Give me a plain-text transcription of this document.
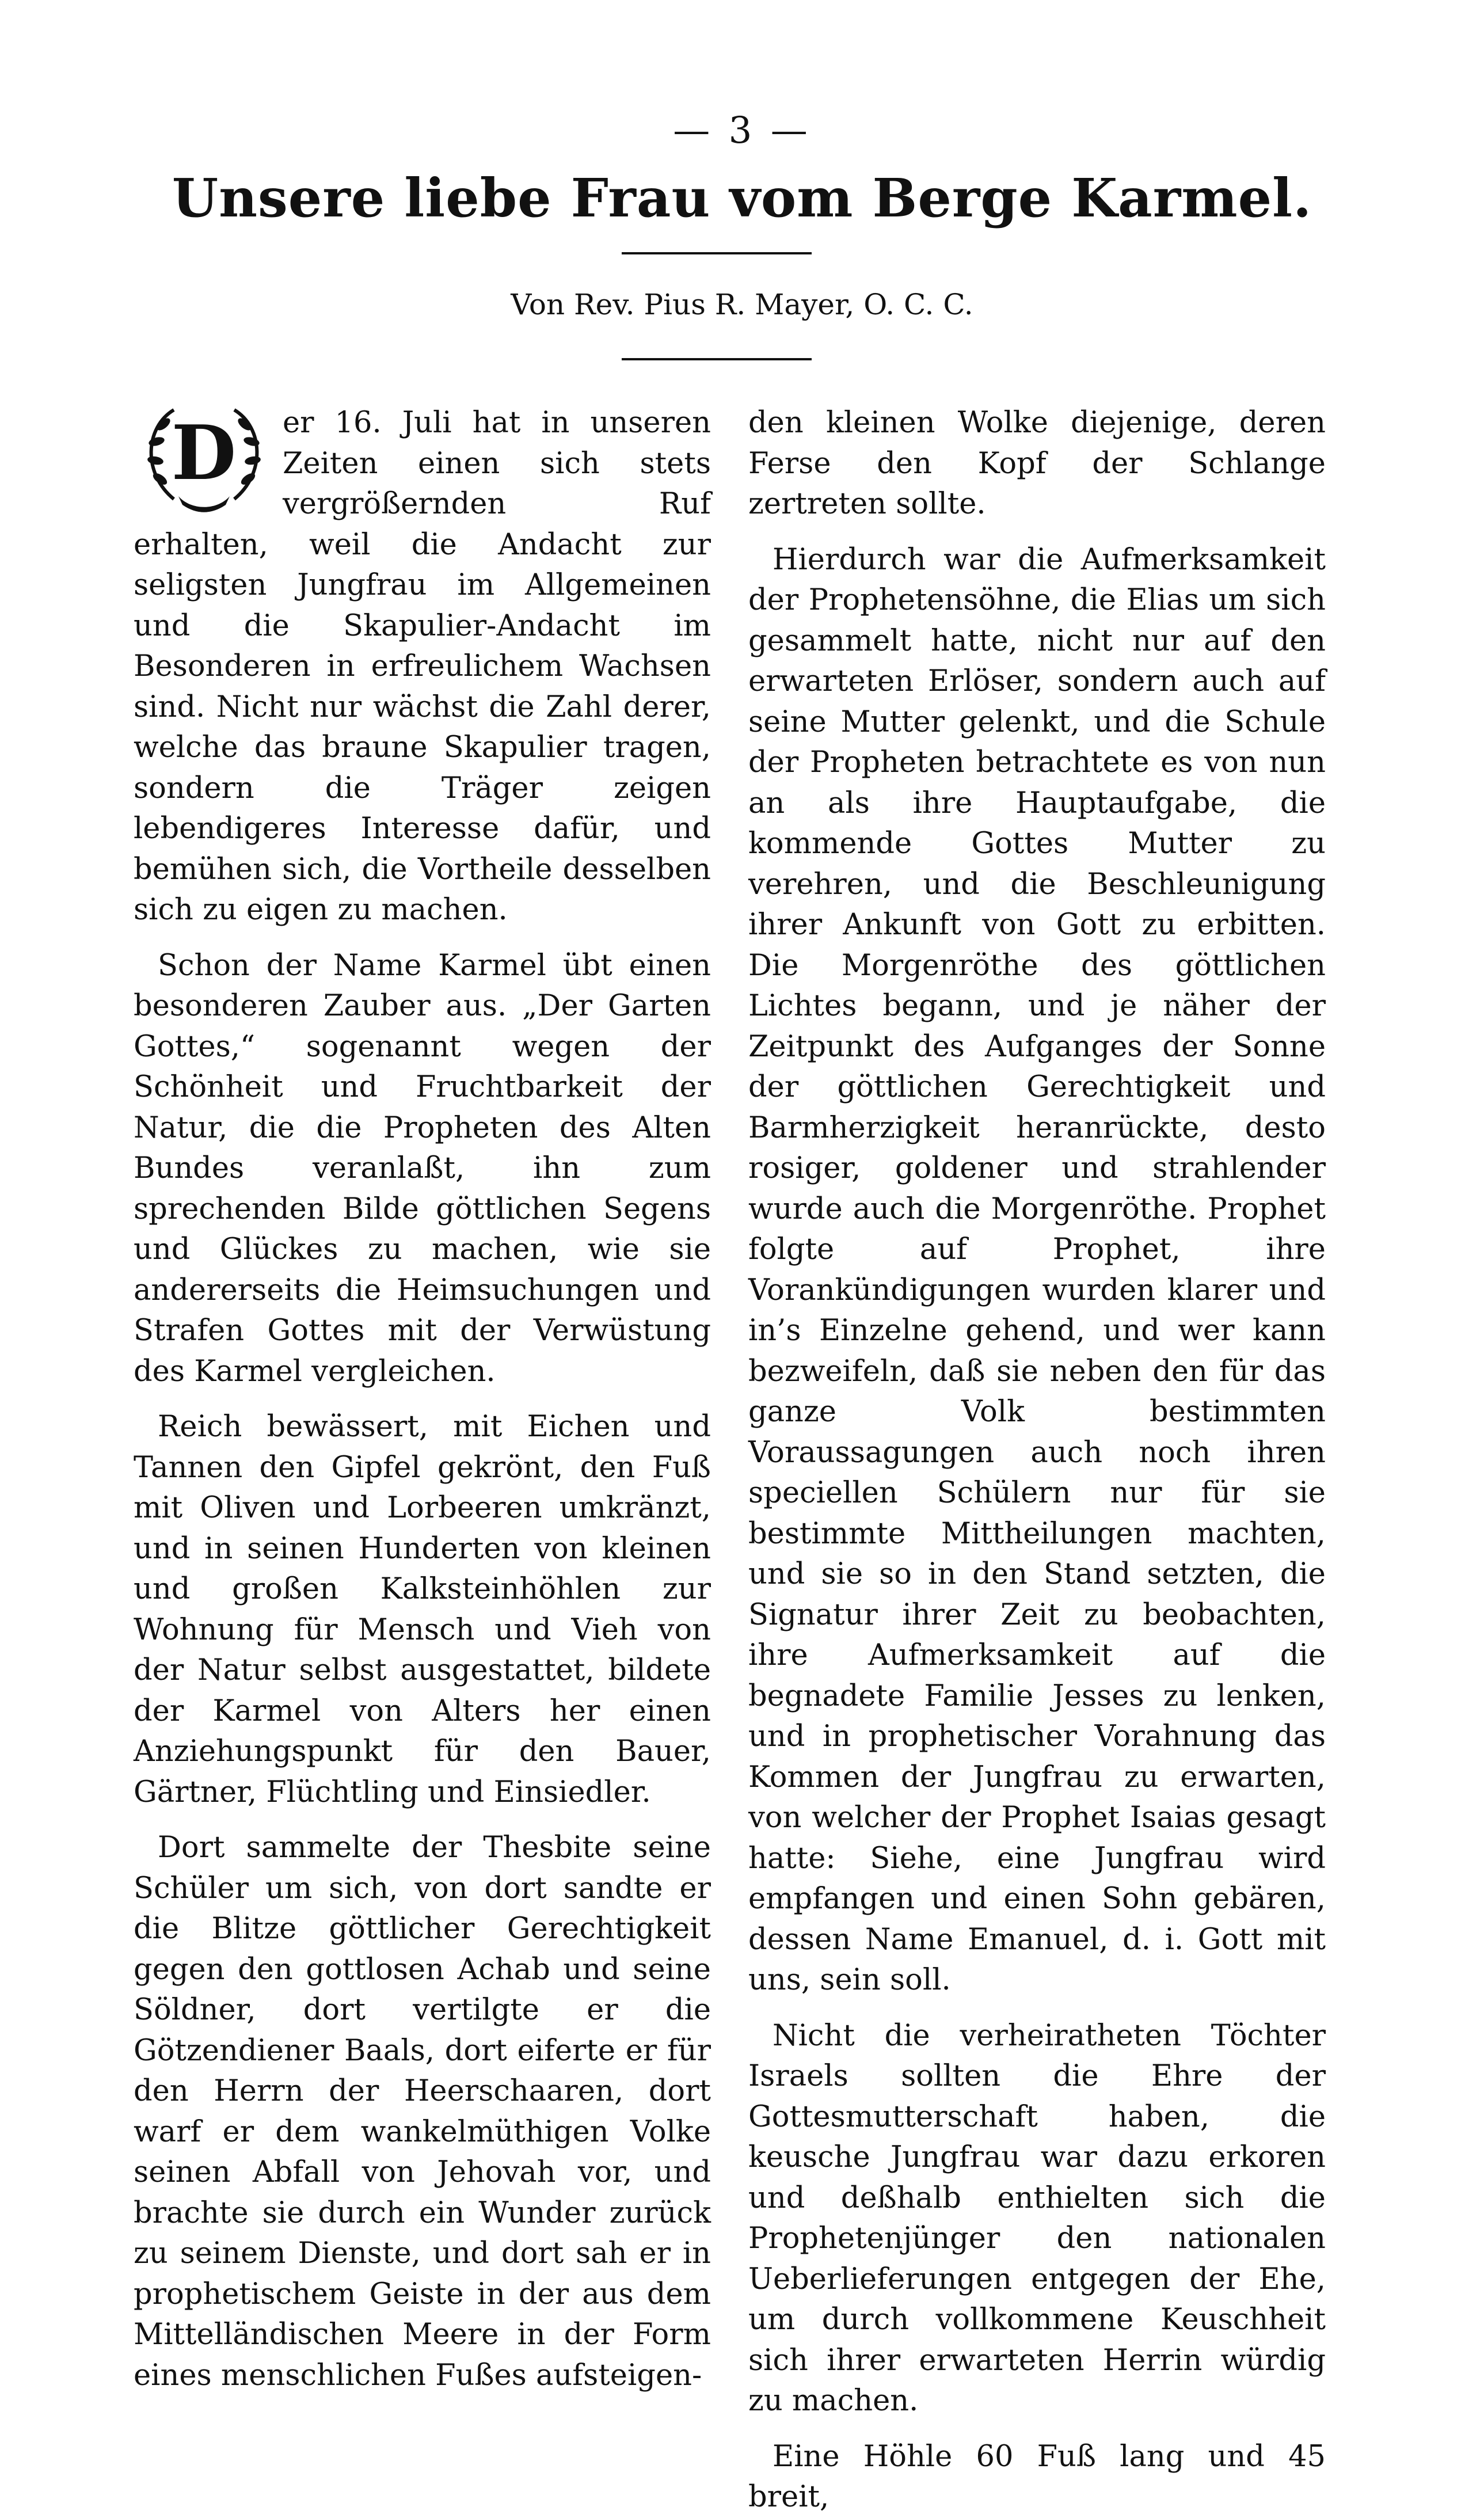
— 3 —
Unsere liebe Frau vom Berge Karmel.
Von Rev. Pius R. Mayer, O. C. C.

D er 16. Juli hat in unseren Zeiten einen sich stets vergrößernden Ruf erhalten, weil die Andacht zur seligsten Jungfrau im Allgemeinen und die Skapulier-Andacht im Besonderen in erfreulichem Wachsen sind. Nicht nur wächst die Zahl derer, welche das braune Skapulier tragen, sondern die Träger zeigen lebendigeres Interesse dafür, und bemühen sich, die Vortheile desselben sich zu eigen zu machen.

Schon der Name Karmel übt einen besonderen Zauber aus. „Der Garten Gottes,“ sogenannt wegen der Schönheit und Fruchtbarkeit der Natur, die die Propheten des Alten Bundes veranlaßt, ihn zum sprechenden Bilde göttlichen Segens und Glückes zu machen, wie sie andererseits die Heimsuchungen und Strafen Gottes mit der Verwüstung des Karmel vergleichen.

Reich bewässert, mit Eichen und Tannen den Gipfel gekrönt, den Fuß mit Oliven und Lorbeeren umkränzt, und in seinen Hunderten von kleinen und großen Kalksteinhöhlen zur Wohnung für Mensch und Vieh von der Natur selbst ausgestattet, bildete der Karmel von Alters her einen Anziehungspunkt für den Bauer, Gärtner, Flüchtling und Einsiedler.

Dort sammelte der Thesbite seine Schüler um sich, von dort sandte er die Blitze göttlicher Gerechtigkeit gegen den gottlosen Achab und seine Söldner, dort vertilgte er die Götzendiener Baals, dort eiferte er für den Herrn der Heerschaaren, dort warf er dem wankelmüthigen Volke seinen Abfall von Jehovah vor, und brachte sie durch ein Wunder zurück zu seinem Dienste, und dort sah er in prophetischem Geiste in der aus dem Mittelländischen Meere in der Form eines menschlichen Fußes aufsteigen-

den kleinen Wolke diejenige, deren Ferse den Kopf der Schlange zertreten sollte.

Hierdurch war die Aufmerksamkeit der Prophetensöhne, die Elias um sich gesammelt hatte, nicht nur auf den erwarteten Erlöser, sondern auch auf seine Mutter gelenkt, und die Schule der Propheten betrachtete es von nun an als ihre Hauptaufgabe, die kommende Gottes Mutter zu verehren, und die Beschleunigung ihrer Ankunft von Gott zu erbitten. Die Morgenröthe des göttlichen Lichtes begann, und je näher der Zeitpunkt des Aufganges der Sonne der göttlichen Gerechtigkeit und Barmherzigkeit heranrückte, desto rosiger, goldener und strahlender wurde auch die Morgenröthe. Prophet folgte auf Prophet, ihre Vorankündigungen wurden klarer und in’s Einzelne gehend, und wer kann bezweifeln, daß sie neben den für das ganze Volk bestimmten Voraussagungen auch noch ihren speciellen Schülern nur für sie bestimmte Mittheilungen machten, und sie so in den Stand setzten, die Signatur ihrer Zeit zu beobachten, ihre Aufmerksamkeit auf die begnadete Familie Jesses zu lenken, und in prophetischer Vorahnung das Kommen der Jungfrau zu erwarten, von welcher der Prophet Isaias gesagt hatte: Siehe, eine Jungfrau wird empfangen und einen Sohn gebären, dessen Name Emanuel, d. i. Gott mit uns, sein soll.

Nicht die verheiratheten Töchter Israels sollten die Ehre der Gottesmutterschaft haben, die keusche Jungfrau war dazu erkoren und deßhalb enthielten sich die Prophetenjünger den nationalen Ueberlieferungen entgegen der Ehe, um durch vollkommene Keuschheit sich ihrer erwarteten Herrin würdig zu machen.

Eine Höhle 60 Fuß lang und 45 breit,
